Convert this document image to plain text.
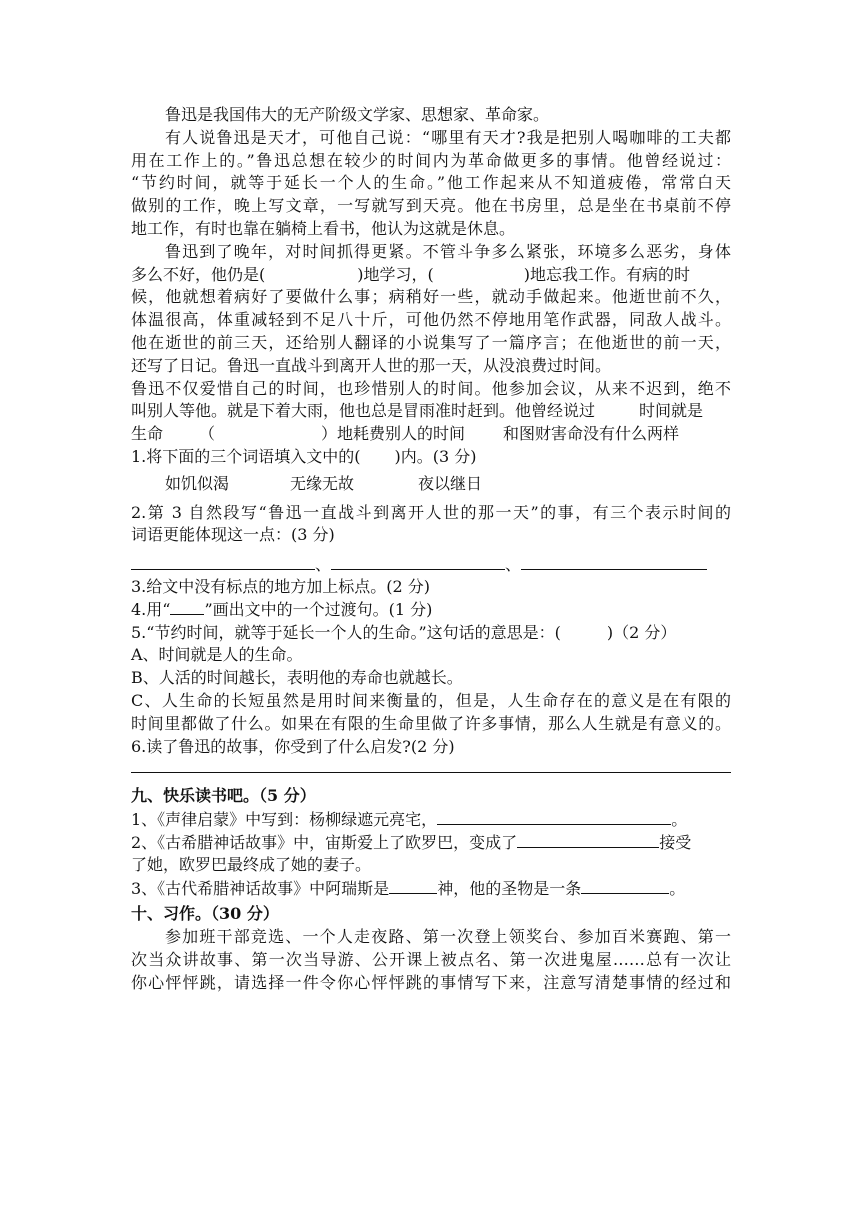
鲁迅是我国伟大的无产阶级文学家、思想家、革命家。
有人说鲁迅是天才，可他自己说：“哪里有天才?我是把别人喝咖啡的工夫都
用在工作上的。”鲁迅总想在较少的时间内为革命做更多的事情。他曾经说过：
“节约时间，就等于延长一个人的生命。”他工作起来从不知道疲倦，常常白天
做别的工作，晚上写文章，一写就写到天亮。他在书房里，总是坐在书桌前不停
地工作，有时也靠在躺椅上看书，他认为这就是休息。
鲁迅到了晚年，对时间抓得更紧。不管斗争多么紧张，环境多么恶劣，身体
多么不好，他仍是(	)地学习，(	)地忘我工作。有病的时
候，他就想着病好了要做什么事；病稍好一些，就动手做起来。他逝世前不久，
体温很高，体重减轻到不足八十斤，可他仍然不停地用笔作武器，同敌人战斗。
他在逝世的前三天，还给别人翻译的小说集写了一篇序言；在他逝世的前一天，
还写了日记。鲁迅一直战斗到离开人世的那一天，从没浪费过时间。
鲁迅不仅爱惜自己的时间，也珍惜别人的时间。他参加会议，从来不迟到，绝不
叫别人等他。就是下着大雨，他也总是冒雨准时赶到。他曾经说过	时间就是
生命 （	）地耗费别人的时间 和图财害命没有什么两样
1.将下面的三个词语填入文中的( )内。(3 分)
如饥似渴	无缘无故	夜以继日
2.第 3 自然段写“鲁迅一直战斗到离开人世的那一天”的事，有三个表示时间的
词语更能体现这一点：(3 分)
、	、
3.给文中没有标点的地方加上标点。(2 分)
4.用“ ”画出文中的一个过渡句。(1 分)
5.“节约时间，就等于延长一个人的生命。”这句话的意思是：(	)（2 分）
A、时间就是人的生命。
B、人活的时间越长，表明他的寿命也就越长。
C、人生命的长短虽然是用时间来衡量的，但是，人生命存在的意义是在有限的
时间里都做了什么。如果在有限的生命里做了许多事情，那么人生就是有意义的。
6.读了鲁迅的故事，你受到了什么启发?(2 分)
九、快乐读书吧。（5 分）
1、《声律启蒙》中写到：杨柳绿遮元亮宅，	。
2、《古希腊神话故事》中，宙斯爱上了欧罗巴，变成了	接受
了她，欧罗巴最终成了她的妻子。
3、《古代希腊神话故事》中阿瑞斯是	神，他的圣物是一条	。
十、习作。（30 分）
参加班干部竞选、一个人走夜路、第一次登上领奖台、参加百米赛跑、第一
次当众讲故事、第一次当导游、公开课上被点名、第一次进鬼屋……总有一次让
你心怦怦跳，请选择一件令你心怦怦跳的事情写下来，注意写清楚事情的经过和
